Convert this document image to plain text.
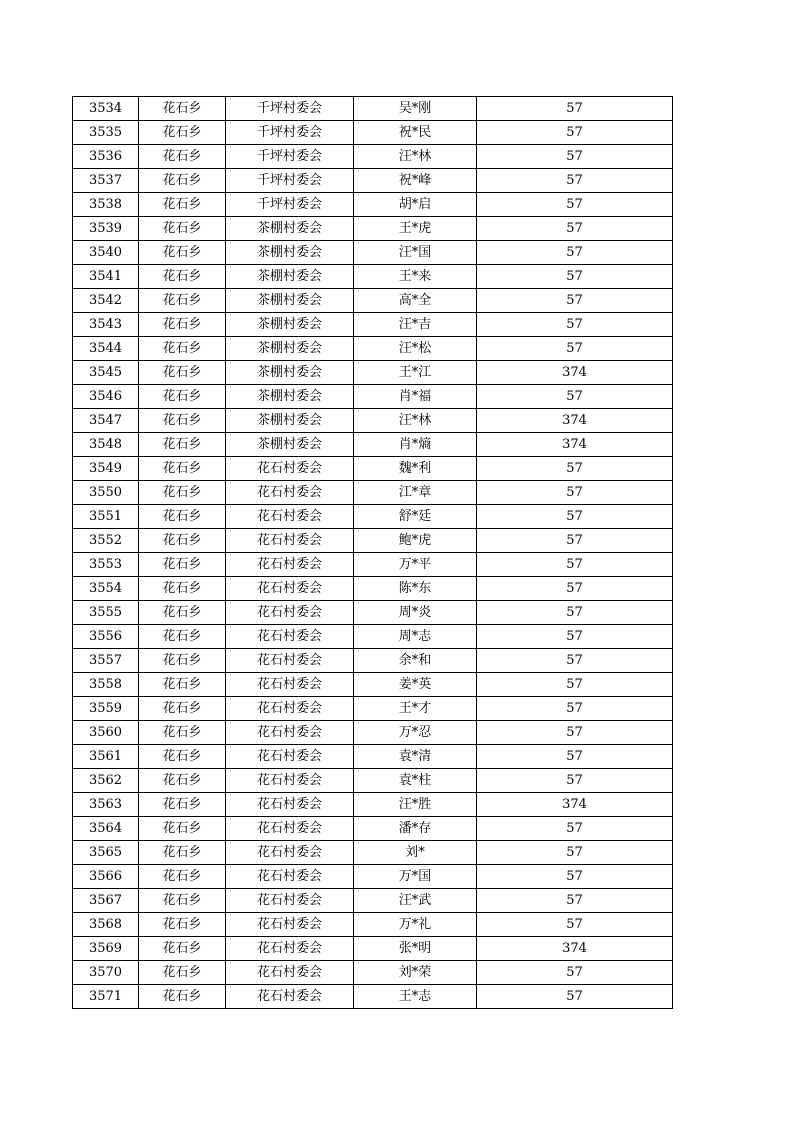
3534	花石乡	千坪村委会	吴*刚	57
3535	花石乡	千坪村委会	祝*民	57
3536	花石乡	千坪村委会	汪*林	57
3537	花石乡	千坪村委会	祝*峰	57
3538	花石乡	千坪村委会	胡*启	57
3539	花石乡	茶棚村委会	王*虎	57
3540	花石乡	茶棚村委会	汪*国	57
3541	花石乡	茶棚村委会	王*来	57
3542	花石乡	茶棚村委会	高*全	57
3543	花石乡	茶棚村委会	汪*吉	57
3544	花石乡	茶棚村委会	汪*松	57
3545	花石乡	茶棚村委会	王*江	374
3546	花石乡	茶棚村委会	肖*福	57
3547	花石乡	茶棚村委会	汪*林	374
3548	花石乡	茶棚村委会	肖*熵	374
3549	花石乡	花石村委会	魏*利	57
3550	花石乡	花石村委会	江*章	57
3551	花石乡	花石村委会	舒*廷	57
3552	花石乡	花石村委会	鲍*虎	57
3553	花石乡	花石村委会	万*平	57
3554	花石乡	花石村委会	陈*东	57
3555	花石乡	花石村委会	周*炎	57
3556	花石乡	花石村委会	周*志	57
3557	花石乡	花石村委会	余*和	57
3558	花石乡	花石村委会	姜*英	57
3559	花石乡	花石村委会	王*才	57
3560	花石乡	花石村委会	万*忍	57
3561	花石乡	花石村委会	袁*清	57
3562	花石乡	花石村委会	袁*柱	57
3563	花石乡	花石村委会	汪*胜	374
3564	花石乡	花石村委会	潘*存	57
3565	花石乡	花石村委会	刘*	57
3566	花石乡	花石村委会	万*国	57
3567	花石乡	花石村委会	汪*武	57
3568	花石乡	花石村委会	万*礼	57
3569	花石乡	花石村委会	张*明	374
3570	花石乡	花石村委会	刘*荣	57
3571	花石乡	花石村委会	王*志	57
